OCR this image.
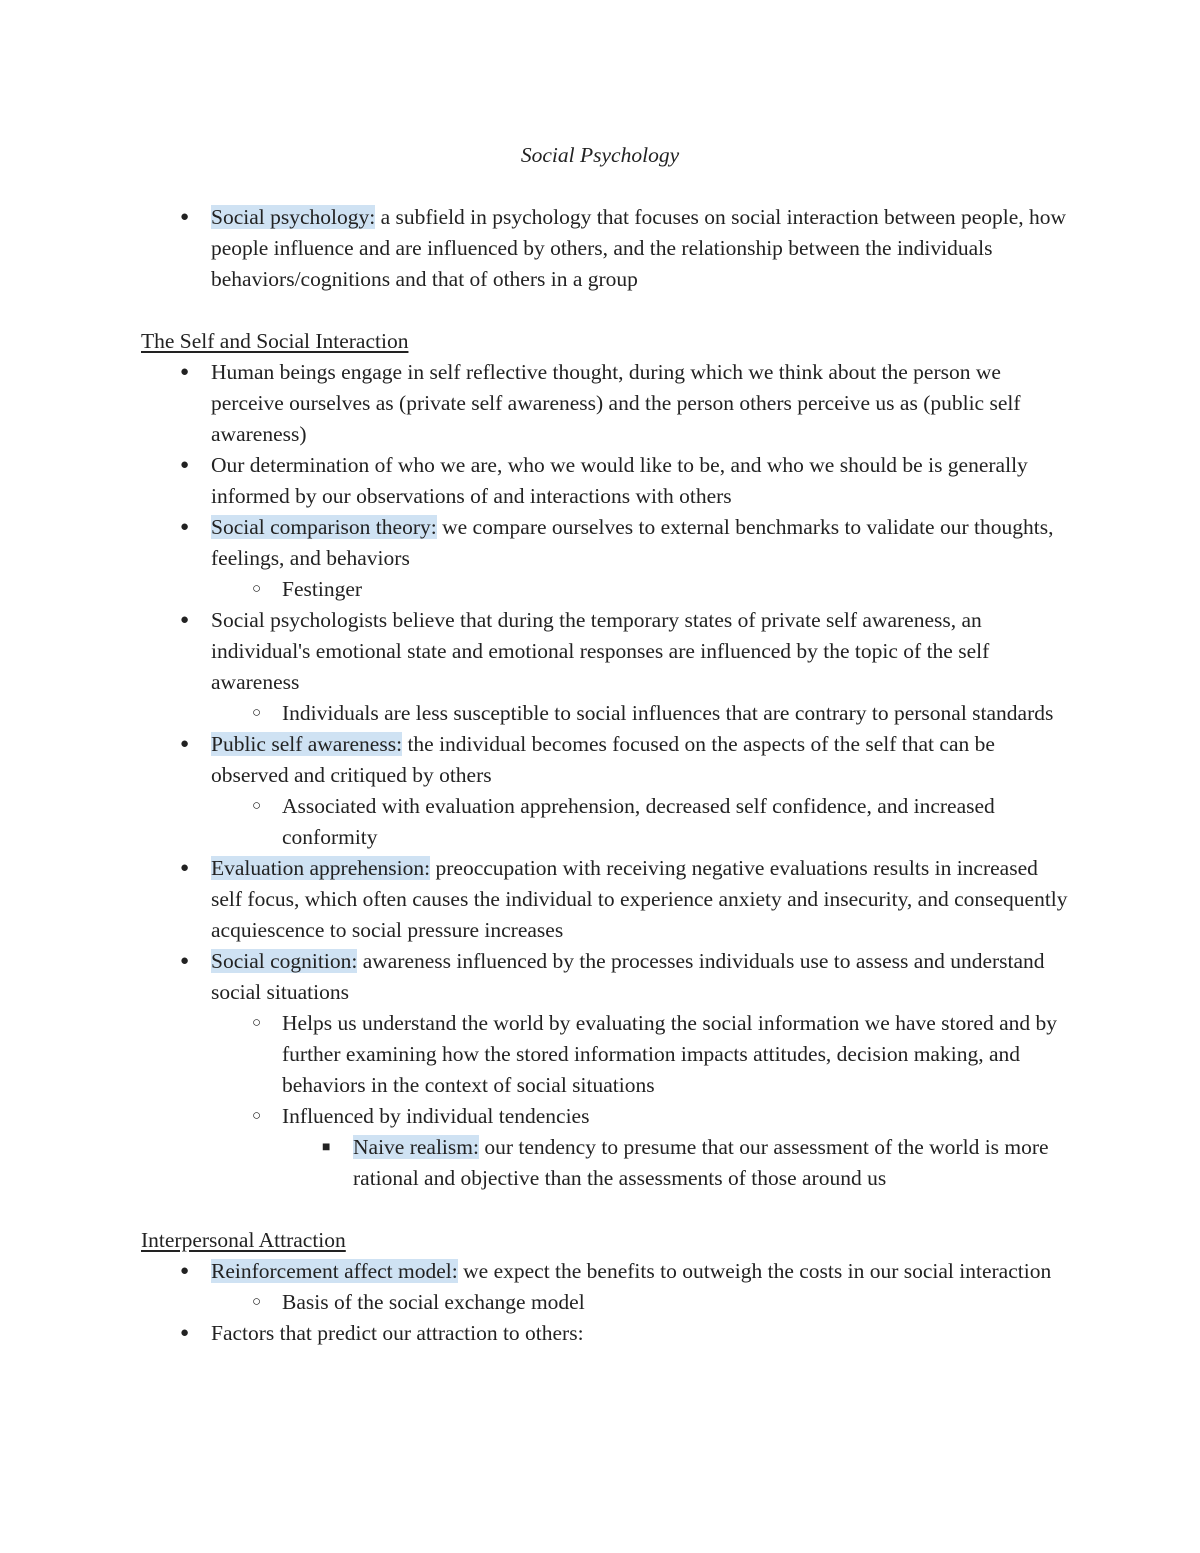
Social Psychology
● Social psychology: a subfield in psychology that focuses on social interaction between people, how people influence and are influenced by others, and the relationship between the individuals behaviors/cognitions and that of others in a group
The Self and Social Interaction
● Human beings engage in self reflective thought, during which we think about the person we perceive ourselves as (private self awareness) and the person others perceive us as (public self awareness)
● Our determination of who we are, who we would like to be, and who we should be is generally informed by our observations of and interactions with others
● Social comparison theory: we compare ourselves to external benchmarks to validate our thoughts, feelings, and behaviors
○ Festinger
● Social psychologists believe that during the temporary states of private self awareness, an individual's emotional state and emotional responses are influenced by the topic of the self awareness
○ Individuals are less susceptible to social influences that are contrary to personal standards
● Public self awareness: the individual becomes focused on the aspects of the self that can be observed and critiqued by others
○ Associated with evaluation apprehension, decreased self confidence, and increased conformity
● Evaluation apprehension: preoccupation with receiving negative evaluations results in increased self focus, which often causes the individual to experience anxiety and insecurity, and consequently acquiescence to social pressure increases
● Social cognition: awareness influenced by the processes individuals use to assess and understand social situations
○ Helps us understand the world by evaluating the social information we have stored and by further examining how the stored information impacts attitudes, decision making, and behaviors in the context of social situations
○ Influenced by individual tendencies
■ Naive realism: our tendency to presume that our assessment of the world is more rational and objective than the assessments of those around us
Interpersonal Attraction
● Reinforcement affect model: we expect the benefits to outweigh the costs in our social interaction
○ Basis of the social exchange model
● Factors that predict our attraction to others:
